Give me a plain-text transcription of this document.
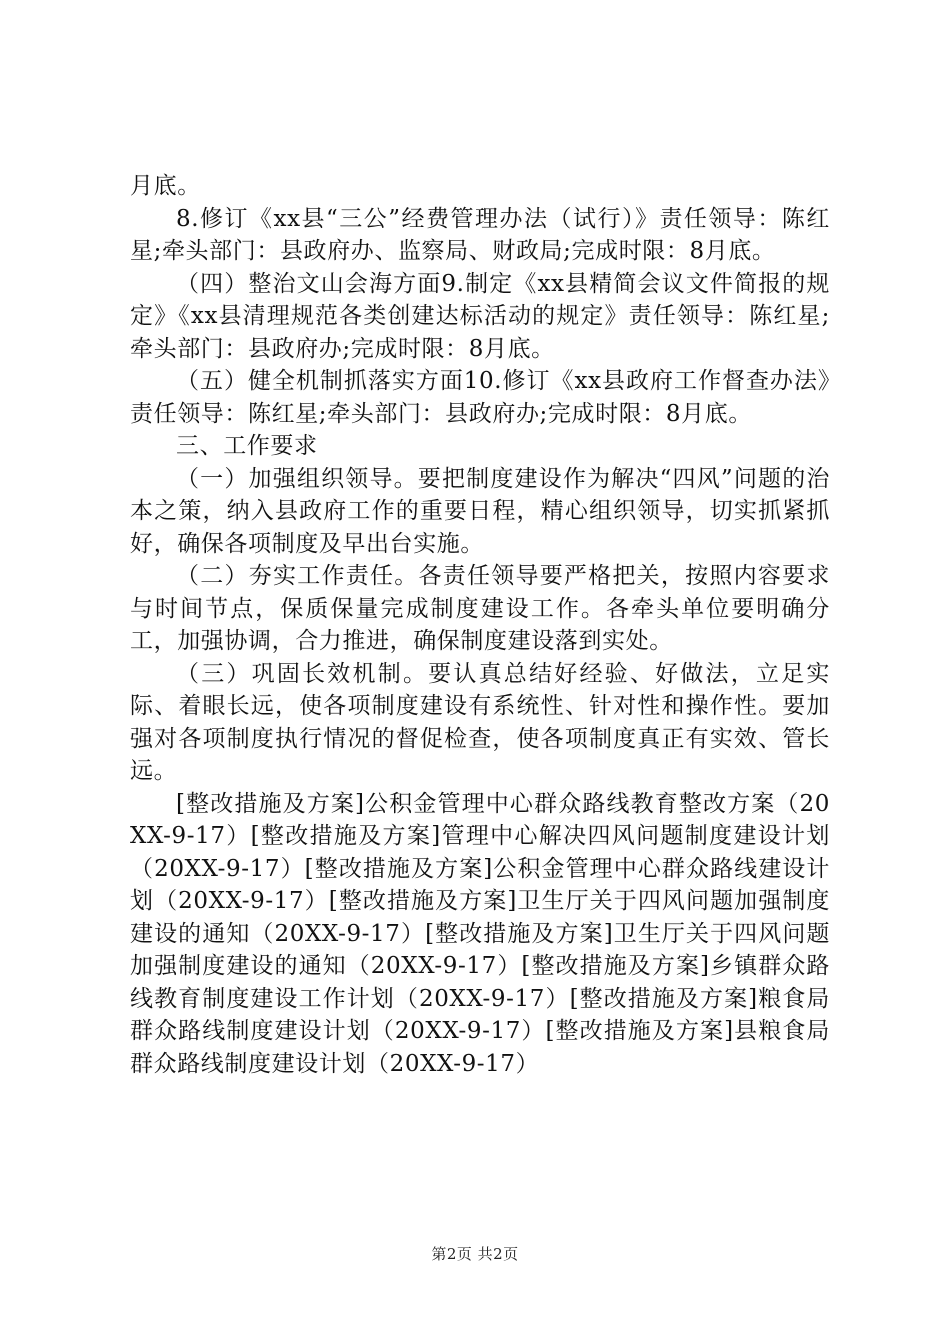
月底。

8.修订《xx县“三公”经费管理办法（试行）》责任领导：陈红星;牵头部门：县政府办、监察局、财政局;完成时限：8月底。

（四）整治文山会海方面9.制定《xx县精简会议文件简报的规定》《xx县清理规范各类创建达标活动的规定》责任领导：陈红星;牵头部门：县政府办;完成时限：8月底。

（五）健全机制抓落实方面10.修订《xx县政府工作督查办法》责任领导：陈红星;牵头部门：县政府办;完成时限：8月底。

三、工作要求

（一）加强组织领导。要把制度建设作为解决“四风”问题的治本之策，纳入县政府工作的重要日程，精心组织领导，切实抓紧抓好，确保各项制度及早出台实施。

（二）夯实工作责任。各责任领导要严格把关，按照内容要求与时间节点，保质保量完成制度建设工作。各牵头单位要明确分工，加强协调，合力推进，确保制度建设落到实处。

（三）巩固长效机制。要认真总结好经验、好做法，立足实际、着眼长远，使各项制度建设有系统性、针对性和操作性。要加强对各项制度执行情况的督促检查，使各项制度真正有实效、管长远。

[整改措施及方案]公积金管理中心群众路线教育整改方案（20XX-9-17）[整改措施及方案]管理中心解决四风问题制度建设计划（20XX-9-17）[整改措施及方案]公积金管理中心群众路线建设计划（20XX-9-17）[整改措施及方案]卫生厅关于四风问题加强制度建设的通知（20XX-9-17）[整改措施及方案]卫生厅关于四风问题加强制度建设的通知（20XX-9-17）[整改措施及方案]乡镇群众路线教育制度建设工作计划（20XX-9-17）[整改措施及方案]粮食局群众路线制度建设计划（20XX-9-17）[整改措施及方案]县粮食局群众路线制度建设计划（20XX-9-17）

第2页 共2页
